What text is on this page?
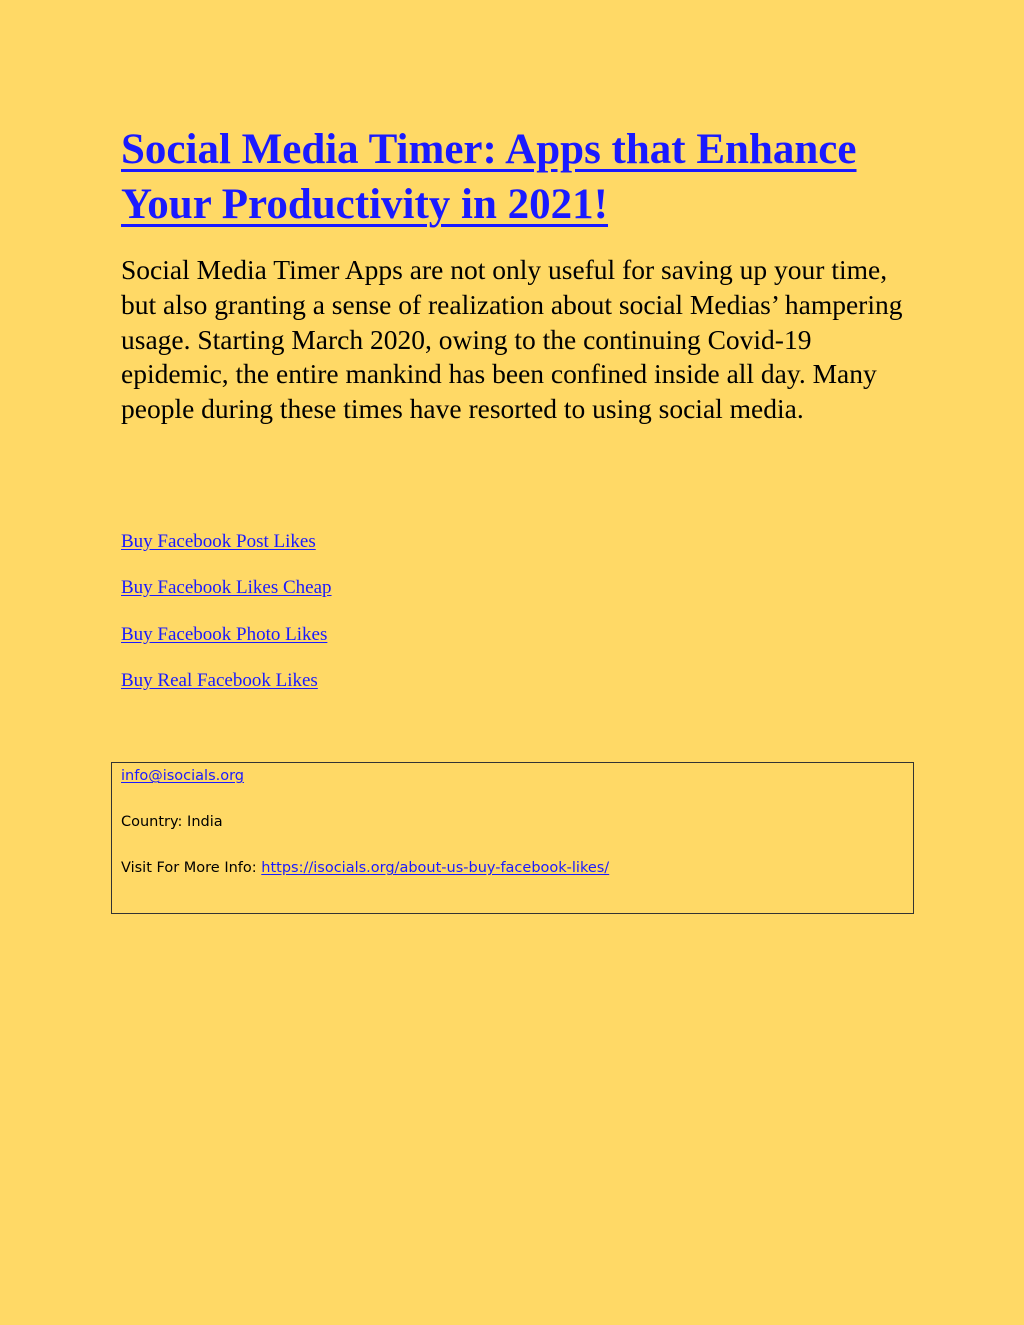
Social Media Timer: Apps that Enhance Your Productivity in 2021!

Social Media Timer Apps are not only useful for saving up your time, but also granting a sense of realization about social Medias’ hampering usage. Starting March 2020, owing to the continuing Covid-19 epidemic, the entire mankind has been confined inside all day. Many people during these times have resorted to using social media.

Buy Facebook Post Likes
Buy Facebook Likes Cheap
Buy Facebook Photo Likes
Buy Real Facebook Likes
info@isocials.org
Country: India
Visit For More Info: https://isocials.org/about-us-buy-facebook-likes/
